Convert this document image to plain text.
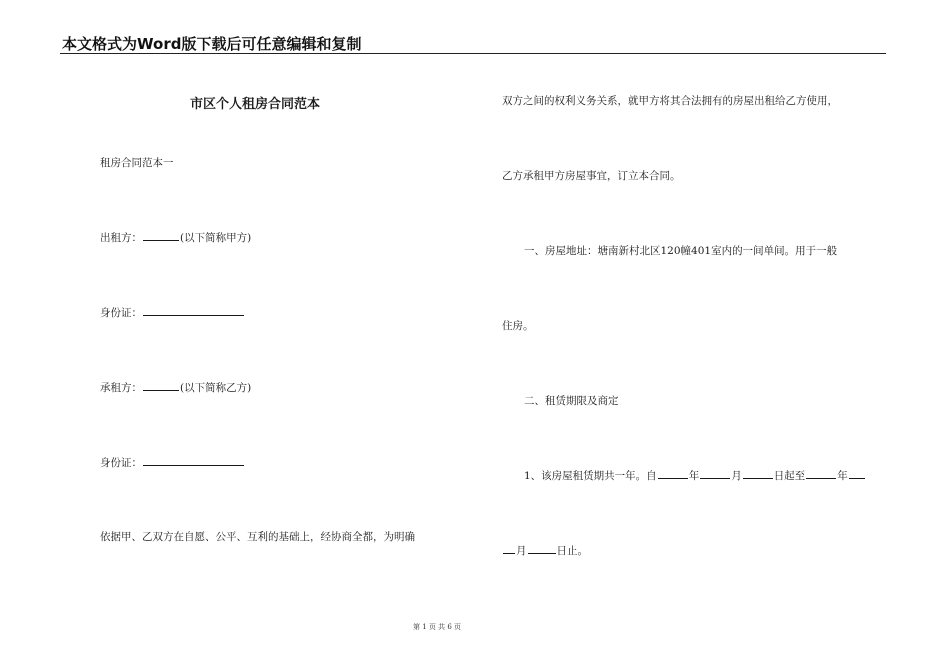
本文格式为Word版下载后可任意编辑和复制
市区个人租房合同范本
租房合同范本一
出租方：	(以下简称甲方)
身份证：
承租方：	(以下简称乙方)
身份证：
依据甲、乙双方在自愿、公平、互利的基础上，经协商全都，为明确
双方之间的权利义务关系，就甲方将其合法拥有的房屋出租给乙方使用，
乙方承租甲方房屋事宜，订立本合同。
一、房屋地址：塘南新村北区120幢401室内的一间单间。用于一般
住房。
二、租赁期限及商定
1、该房屋租赁期共一年。自	年	月	日起至	年
月	日止。
第 1 页 共 6 页
